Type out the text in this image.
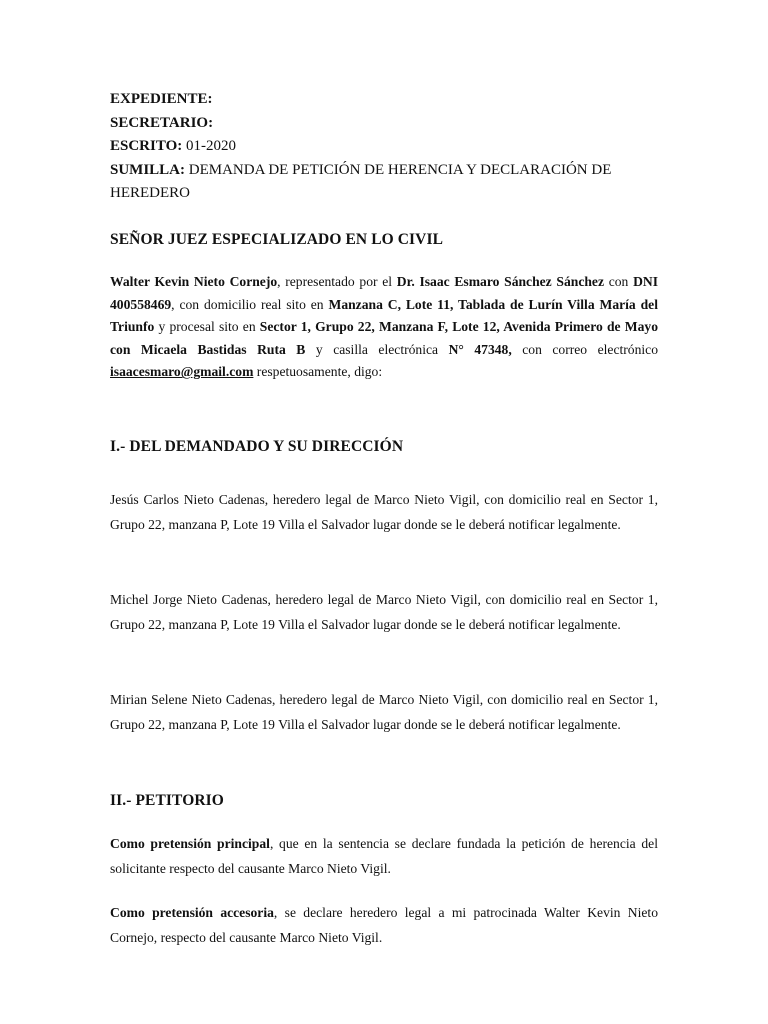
EXPEDIENTE:
SECRETARIO:
ESCRITO: 01-2020
SUMILLA: DEMANDA DE PETICIÓN DE HERENCIA Y DECLARACIÓN DE HEREDERO
SEÑOR JUEZ ESPECIALIZADO EN LO CIVIL
Walter Kevin Nieto Cornejo, representado por el Dr. Isaac Esmaro Sánchez Sánchez con DNI 400558469, con domicilio real sito en Manzana C, Lote 11, Tablada de Lurín Villa María del Triunfo y procesal sito en Sector 1, Grupo 22, Manzana F, Lote 12, Avenida Primero de Mayo con Micaela Bastidas Ruta B y casilla electrónica N° 47348, con correo electrónico isaacesmaro@gmail.com respetuosamente, digo:
I.- DEL DEMANDADO Y SU DIRECCIÓN
Jesús Carlos Nieto Cadenas, heredero legal de Marco Nieto Vigil, con domicilio real en Sector 1, Grupo 22, manzana P, Lote 19 Villa el Salvador lugar donde se le deberá notificar legalmente.
Michel Jorge Nieto Cadenas, heredero legal de Marco Nieto Vigil, con domicilio real en Sector 1, Grupo 22, manzana P, Lote 19 Villa el Salvador lugar donde se le deberá notificar legalmente.
Mirian Selene Nieto Cadenas, heredero legal de Marco Nieto Vigil, con domicilio real en Sector 1, Grupo 22, manzana P, Lote 19 Villa el Salvador lugar donde se le deberá notificar legalmente.
II.- PETITORIO
Como pretensión principal, que en la sentencia se declare fundada la petición de herencia del solicitante respecto del causante Marco Nieto Vigil.
Como pretensión accesoria, se declare heredero legal a mi patrocinada Walter Kevin Nieto Cornejo, respecto del causante Marco Nieto Vigil.
